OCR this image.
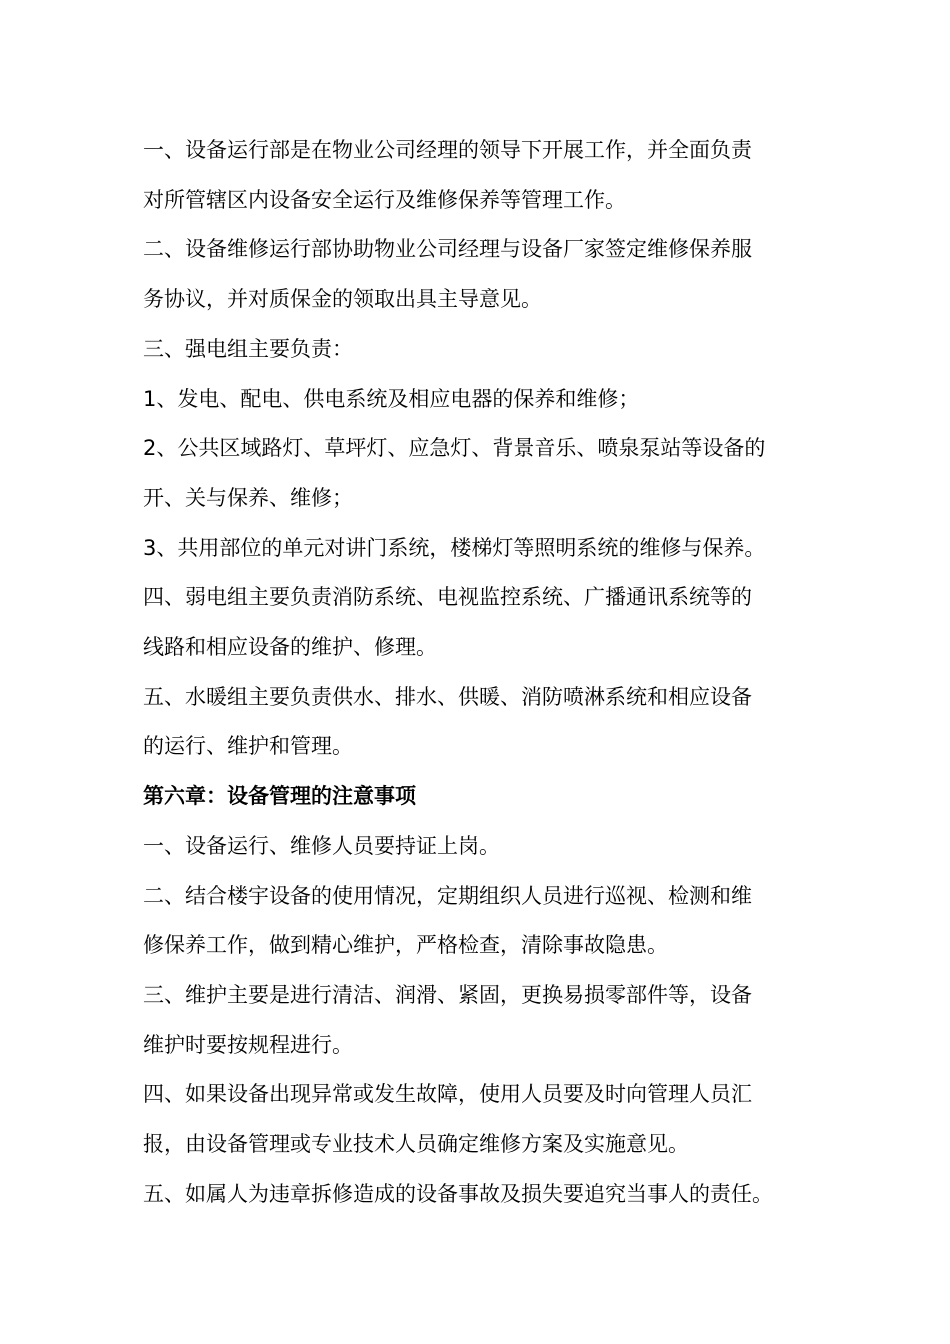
一、设备运行部是在物业公司经理的领导下开展工作，并全面负责
对所管辖区内设备安全运行及维修保养等管理工作。
二、设备维修运行部协助物业公司经理与设备厂家签定维修保养服
务协议，并对质保金的领取出具主导意见。
三、强电组主要负责：
1、发电、配电、供电系统及相应电器的保养和维修；
2、公共区域路灯、草坪灯、应急灯、背景音乐、喷泉泵站等设备的
开、关与保养、维修；
3、共用部位的单元对讲门系统，楼梯灯等照明系统的维修与保养。
四、弱电组主要负责消防系统、电视监控系统、广播通讯系统等的
线路和相应设备的维护、修理。
五、水暖组主要负责供水、排水、供暖、消防喷淋系统和相应设备
的运行、维护和管理。
第六章：设备管理的注意事项
一、设备运行、维修人员要持证上岗。
二、结合楼宇设备的使用情况，定期组织人员进行巡视、检测和维
修保养工作，做到精心维护，严格检查，清除事故隐患。
三、维护主要是进行清洁、润滑、紧固，更换易损零部件等，设备
维护时要按规程进行。
四、如果设备出现异常或发生故障，使用人员要及时向管理人员汇
报，由设备管理或专业技术人员确定维修方案及实施意见。
五、如属人为违章拆修造成的设备事故及损失要追究当事人的责任。
